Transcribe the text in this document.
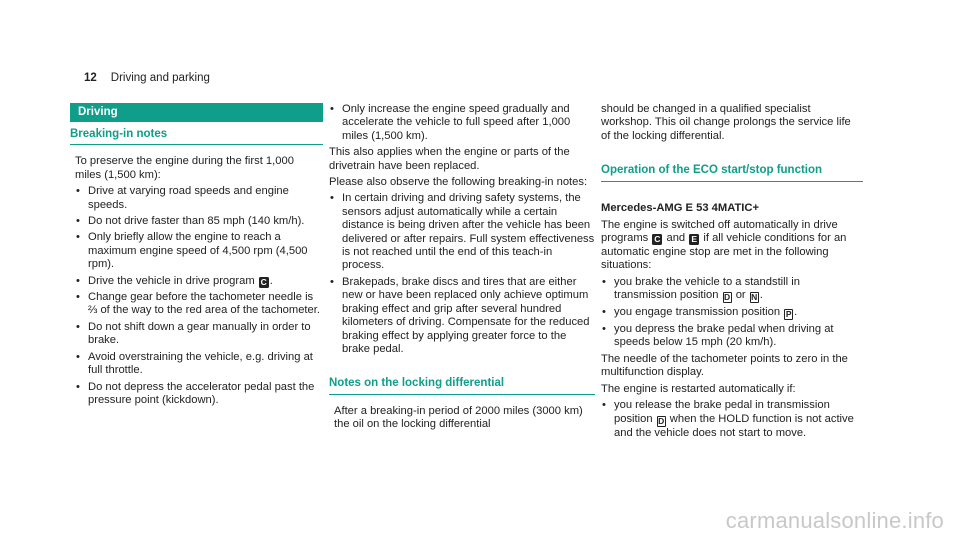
12 Driving and parking
Driving
Breaking-in notes

To preserve the engine during the first 1,000 miles (1,500 km):

• Drive at varying road speeds and engine speeds.
• Do not drive faster than 85 mph (140 km/h).
• Only briefly allow the engine to reach a maximum engine speed of 4,500 rpm (4,500 rpm).
• Drive the vehicle in drive program C .
• Change gear before the tachometer needle is ⅔ of the way to the red area of the tachometer.
• Do not shift down a gear manually in order to brake.
• Avoid overstraining the vehicle, e.g. driving at full throttle.
• Do not depress the accelerator pedal past the pressure point (kickdown).
• Only increase the engine speed gradually and accelerate the vehicle to full speed after 1,000 miles (1,500 km).

This also applies when the engine or parts of the drivetrain have been replaced.

Please also observe the following breaking-in notes:

• In certain driving and driving safety systems, the sensors adjust automatically while a certain distance is being driven after the vehicle has been delivered or after repairs. Full system effectiveness is not reached until the end of this teach-in process.
• Brakepads, brake discs and tires that are either new or have been replaced only achieve optimum braking effect and grip after several hundred kilometers of driving. Compensate for the reduced braking effect by applying greater force to the brake pedal.
Notes on the locking differential

After a breaking-in period of 2000 miles (3000 km) the oil on the locking differential

should be changed in a qualified specialist workshop. This oil change prolongs the service life of the locking differential.

Operation of the ECO start/stop function

Mercedes-AMG E 53 4MATIC+

The engine is switched off automatically in drive programs C and E if all vehicle conditions for an automatic engine stop are met in the following situations:

• you brake the vehicle to a standstill in transmission position D or N .
• you engage transmission position P .
• you depress the brake pedal when driving at speeds below 15 mph (20 km/h).

The needle of the tachometer points to zero in the multifunction display.

The engine is restarted automatically if:

• you release the brake pedal in transmission position D when the HOLD function is not active and the vehicle does not start to move.
carmanualsonline.info
